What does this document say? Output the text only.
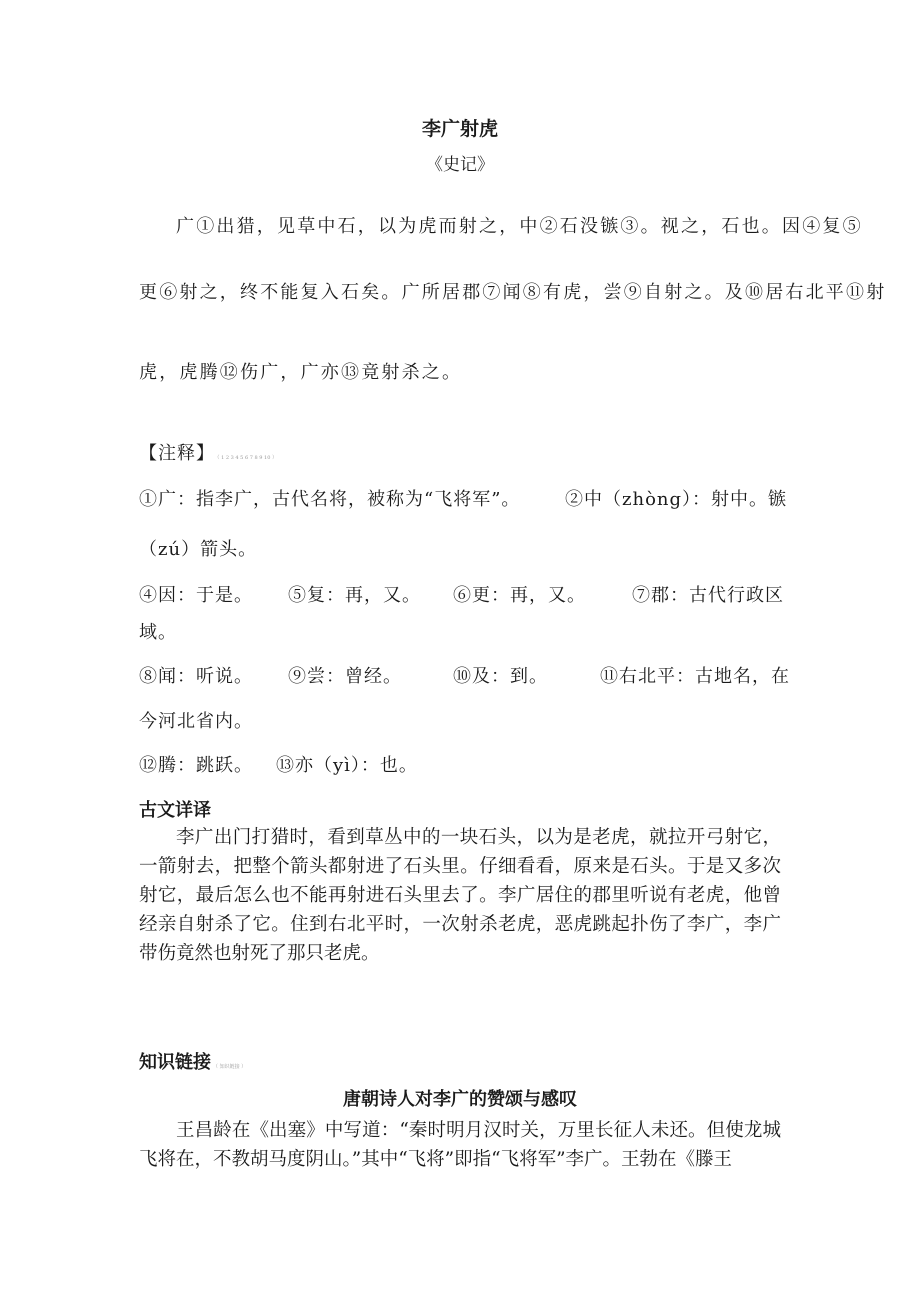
李广射虎
《史记》
广①出猎，见草中石，以为虎而射之，中②石没镞③。视之，石也。因④复⑤
更⑥射之，终不能复入石矣。广所居郡⑦闻⑧有虎，尝⑨自射之。及⑩居右北平⑪射
虎，虎腾⑫伤广，广亦⑬竟射杀之。
【注释】 （ 1 2 3 4 5 6 7 8 9 10 ）
①广：指李广，古代名将，被称为“飞将军”。 ②中（zhòng）：射中。镞
（zú）箭头。
④因：于是。 ⑤复：再，又。 ⑥更：再，又。	⑦郡：古代行政区
域。
⑧闻：听说。 ⑨尝：曾经。	⑩及：到。	⑪右北平：古地名，在
今河北省内。
⑫腾：跳跃。 ⑬亦（yì）：也。
古文详译
李广出门打猎时，看到草丛中的一块石头，以为是老虎，就拉开弓射它，一箭射去，把整个箭头都射进了石头里。仔细看看，原来是石头。于是又多次射它，最后怎么也不能再射进石头里去了。李广居住的郡里听说有老虎，他曾经亲自射杀了它。住到右北平时，一次射杀老虎，恶虎跳起扑伤了李广，李广带伤竟然也射死了那只老虎。
知识链接 （ 知识链接 ）
唐朝诗人对李广的赞颂与感叹
王昌龄在《出塞》中写道：“秦时明月汉时关，万里长征人未还。但使龙城飞将在，不教胡马度阴山。”其中“飞将”即指“飞将军”李广。王勃在《滕王
